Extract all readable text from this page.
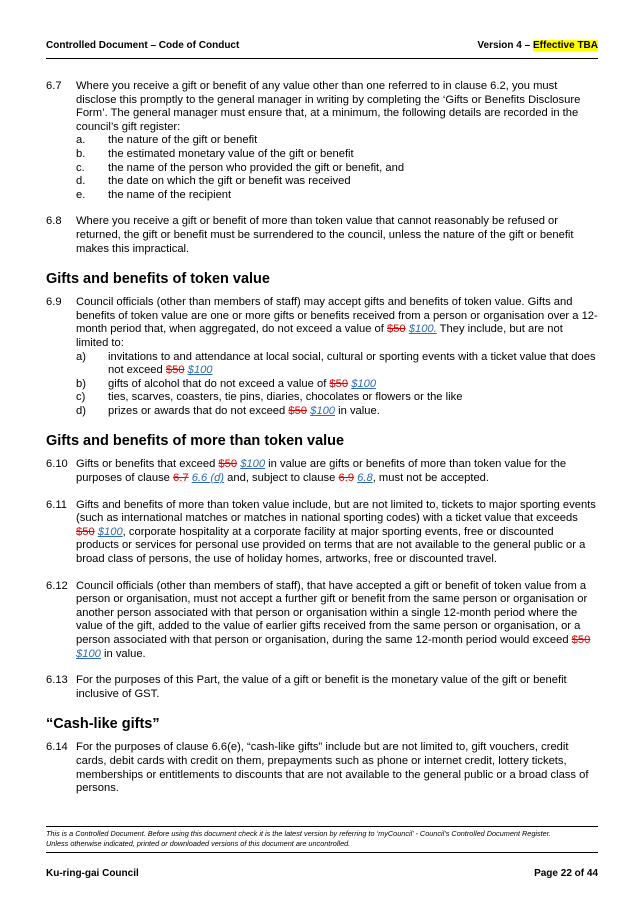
Controlled Document – Code of Conduct	Version 4 – Effective TBA
6.7 Where you receive a gift or benefit of any value other than one referred to in clause 6.2, you must disclose this promptly to the general manager in writing by completing the ‘Gifts or Benefits Disclosure Form’. The general manager must ensure that, at a minimum, the following details are recorded in the council’s gift register:
a. the nature of the gift or benefit
b. the estimated monetary value of the gift or benefit
c. the name of the person who provided the gift or benefit, and
d. the date on which the gift or benefit was received
e. the name of the recipient
6.8 Where you receive a gift or benefit of more than token value that cannot reasonably be refused or returned, the gift or benefit must be surrendered to the council, unless the nature of the gift or benefit makes this impractical.
Gifts and benefits of token value
6.9 Council officials (other than members of staff) may accept gifts and benefits of token value. Gifts and benefits of token value are one or more gifts or benefits received from a person or organisation over a 12-month period that, when aggregated, do not exceed a value of $50 $100. They include, but are not limited to:
a) invitations to and attendance at local social, cultural or sporting events with a ticket value that does not exceed $50 $100
b) gifts of alcohol that do not exceed a value of $50 $100
c) ties, scarves, coasters, tie pins, diaries, chocolates or flowers or the like
d) prizes or awards that do not exceed $50 $100 in value.
Gifts and benefits of more than token value
6.10 Gifts or benefits that exceed $50 $100 in value are gifts or benefits of more than token value for the purposes of clause 6.7 6.6 (d) and, subject to clause 6.9 6.8, must not be accepted.
6.11 Gifts and benefits of more than token value include, but are not limited to, tickets to major sporting events (such as international matches or matches in national sporting codes) with a ticket value that exceeds $50 $100, corporate hospitality at a corporate facility at major sporting events, free or discounted products or services for personal use provided on terms that are not available to the general public or a broad class of persons, the use of holiday homes, artworks, free or discounted travel.
6.12 Council officials (other than members of staff), that have accepted a gift or benefit of token value from a person or organisation, must not accept a further gift or benefit from the same person or organisation or another person associated with that person or organisation within a single 12-month period where the value of the gift, added to the value of earlier gifts received from the same person or organisation, or a person associated with that person or organisation, during the same 12-month period would exceed $50 $100 in value.
6.13 For the purposes of this Part, the value of a gift or benefit is the monetary value of the gift or benefit inclusive of GST.
“Cash-like gifts”
6.14 For the purposes of clause 6.6(e), “cash-like gifts” include but are not limited to, gift vouchers, credit cards, debit cards with credit on them, prepayments such as phone or internet credit, lottery tickets, memberships or entitlements to discounts that are not available to the general public or a broad class of persons.
This is a Controlled Document. Before using this document check it is the latest version by referring to ‘myCouncil’ - Council’s Controlled Document Register.
Unless otherwise indicated, printed or downloaded versions of this document are uncontrolled.
Ku-ring-gai Council	Page 22 of 44
